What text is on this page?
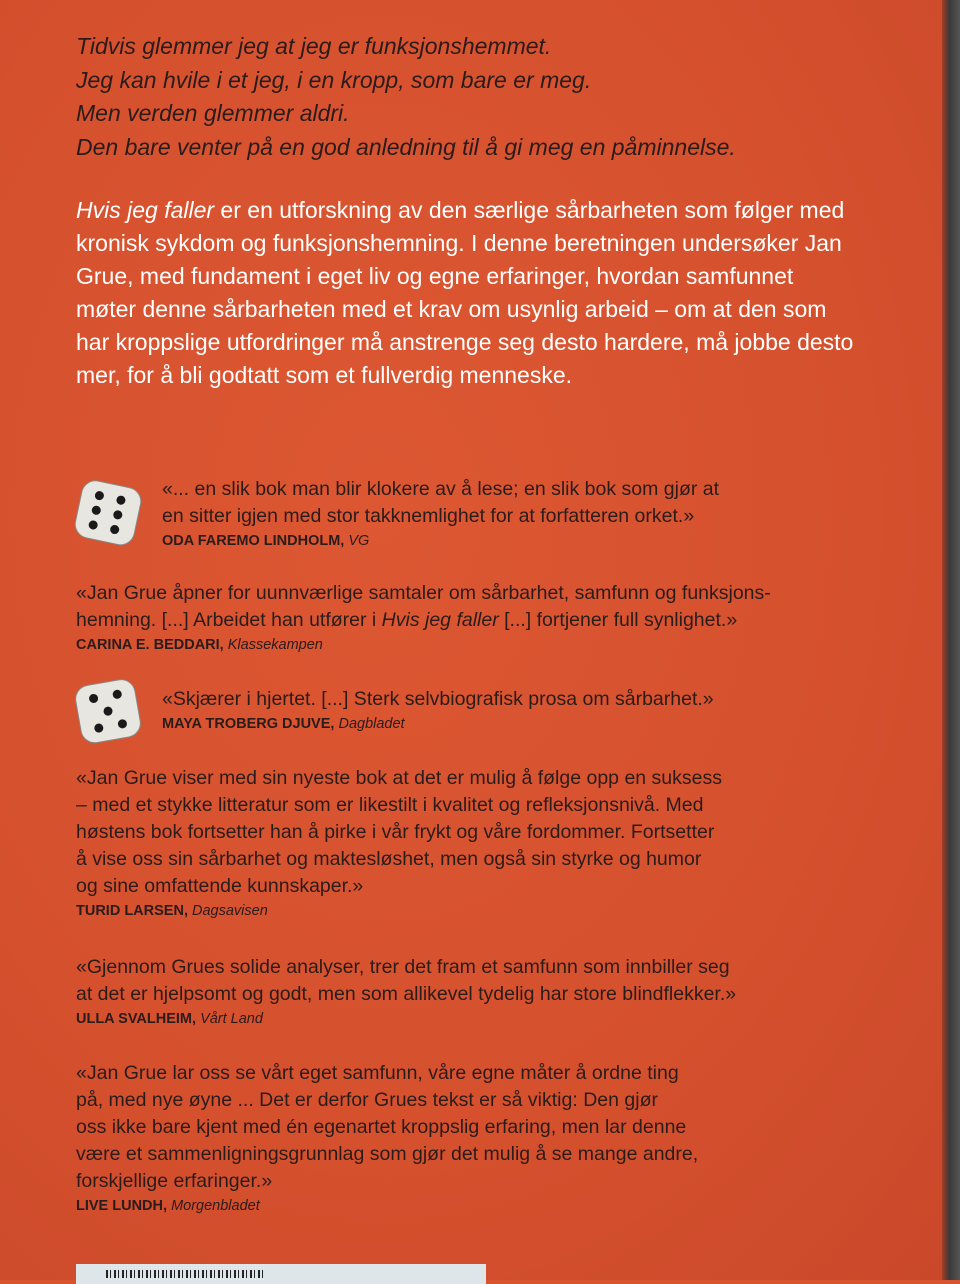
Tidvis glemmer jeg at jeg er funksjonshemmet.
Jeg kan hvile i et jeg, i en kropp, som bare er meg.
Men verden glemmer aldri.
Den bare venter på en god anledning til å gi meg en påminnelse.
Hvis jeg faller er en utforskning av den særlige sårbarheten som følger med kronisk sykdom og funksjonshemning. I denne beretningen undersøker Jan Grue, med fundament i eget liv og egne erfaringer, hvordan samfunnet møter denne sårbarheten med et krav om usynlig arbeid – om at den som har kroppslige utfordringer må anstrenge seg desto hardere, må jobbe desto mer, for å bli godtatt som et fullverdig menneske.
«... en slik bok man blir klokere av å lese; en slik bok som gjør at
en sitter igjen med stor takknemlighet for at forfatteren orket.»
ODA FAREMO LINDHOLM, VG
«Jan Grue åpner for uunnværlige samtaler om sårbarhet, samfunn og funksjons-
hemning. [...] Arbeidet han utfører i Hvis jeg faller [...] fortjener full synlighet.»
CARINA E. BEDDARI, Klassekampen
«Skjærer i hjertet. [...] Sterk selvbiografisk prosa om sårbarhet.»
MAYA TROBERG DJUVE, Dagbladet
«Jan Grue viser med sin nyeste bok at det er mulig å følge opp en suksess
– med et stykke litteratur som er likestilt i kvalitet og refleksjonsnivå. Med
høstens bok fortsetter han å pirke i vår frykt og våre fordommer. Fortsetter
å vise oss sin sårbarhet og maktesløshet, men også sin styrke og humor
og sine omfattende kunnskaper.»
TURID LARSEN, Dagsavisen
«Gjennom Grues solide analyser, trer det fram et samfunn som innbiller seg
at det er hjelpsomt og godt, men som allikevel tydelig har store blindflekker.»
ULLA SVALHEIM, Vårt Land
«Jan Grue lar oss se vårt eget samfunn, våre egne måter å ordne ting
på, med nye øyne ... Det er derfor Grues tekst er så viktig: Den gjør
oss ikke bare kjent med én egenartet kroppslig erfaring, men lar denne
være et sammenligningsgrunnlag som gjør det mulig å se mange andre,
forskjellige erfaringer.»
LIVE LUNDH, Morgenbladet
